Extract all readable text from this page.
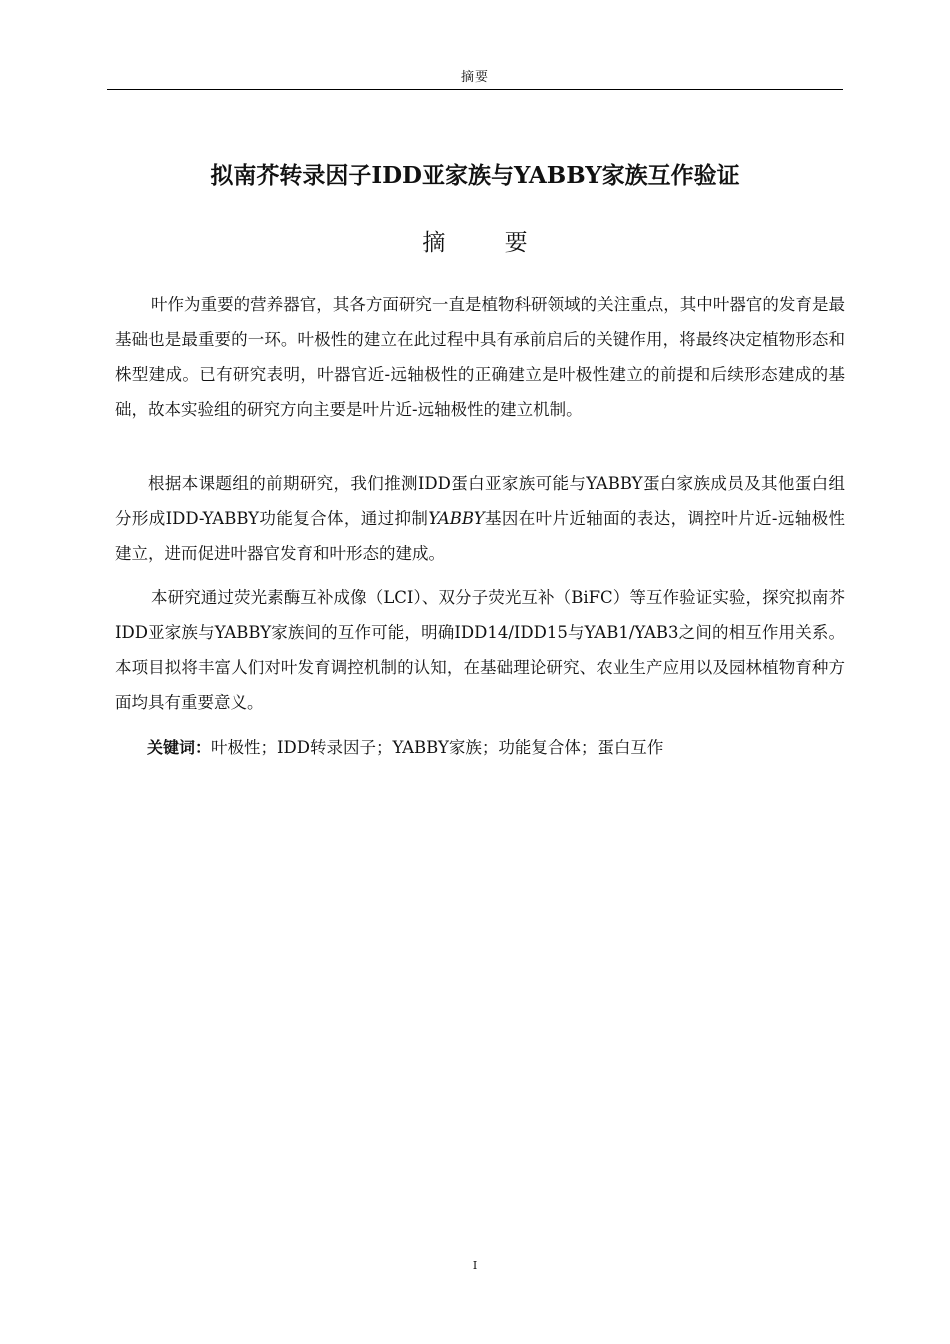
摘要
拟南芥转录因子IDD亚家族与YABBY家族互作验证
摘 要

叶作为重要的营养器官，其各方面研究一直是植物科研领域的关注重点，其中叶器官的发育是最基础也是最重要的一环。叶极性的建立在此过程中具有承前启后的关键作用，将最终决定植物形态和株型建成。已有研究表明，叶器官近-远轴极性的正确建立是叶极性建立的前提和后续形态建成的基础，故本实验组的研究方向主要是叶片近-远轴极性的建立机制。

根据本课题组的前期研究，我们推测IDD蛋白亚家族可能与YABBY蛋白家族成员及其他蛋白组分形成IDD-YABBY功能复合体，通过抑制YABBY基因在叶片近轴面的表达，调控叶片近-远轴极性建立，进而促进叶器官发育和叶形态的建成。

本研究通过荧光素酶互补成像（LCI）、双分子荧光互补（BiFC）等互作验证实验，探究拟南芥IDD亚家族与YABBY家族间的互作可能，明确IDD14/IDD15与YAB1/YAB3之间的相互作用关系。本项目拟将丰富人们对叶发育调控机制的认知，在基础理论研究、农业生产应用以及园林植物育种方面均具有重要意义。

关键词：叶极性；IDD转录因子；YABBY家族；功能复合体；蛋白互作

I
